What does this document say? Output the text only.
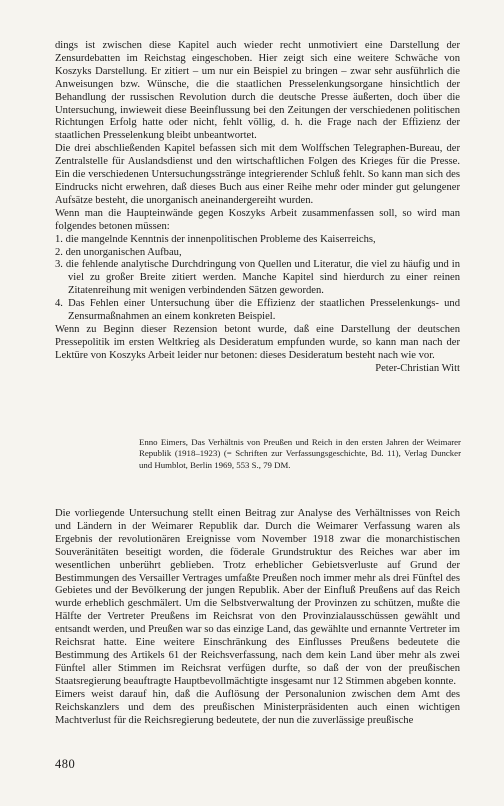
dings ist zwischen diese Kapitel auch wieder recht unmotiviert eine Darstellung der Zensurdebatten im Reichstag eingeschoben. Hier zeigt sich eine weitere Schwäche von Koszyks Darstellung. Er zitiert – um nur ein Beispiel zu bringen – zwar sehr ausführlich die Anweisungen bzw. Wünsche, die die staatlichen Presselenkungsorgane hinsichtlich der Behandlung der russischen Revolution durch die deutsche Presse äußerten, doch über die Untersuchung, inwieweit diese Beeinflussung bei den Zeitungen der verschiedenen politischen Richtungen Erfolg hatte oder nicht, fehlt völlig, d. h. die Frage nach der Effizienz der staatlichen Presselenkung bleibt unbeantwortet.

Die drei abschließenden Kapitel befassen sich mit dem Wolffschen Telegraphen-Bureau, der Zentralstelle für Auslandsdienst und den wirtschaftlichen Folgen des Krieges für die Presse. Ein die verschiedenen Untersuchungsstränge integrierender Schluß fehlt. So kann man sich des Eindrucks nicht erwehren, daß dieses Buch aus einer Reihe mehr oder minder gut gelungener Aufsätze besteht, die unorganisch aneinandergereiht wurden.

Wenn man die Haupteinwände gegen Koszyks Arbeit zusammenfassen soll, so wird man folgendes betonen müssen:

1. die mangelnde Kenntnis der innenpolitischen Probleme des Kaiserreichs,
2. den unorganischen Aufbau,
3. die fehlende analytische Durchdringung von Quellen und Literatur, die viel zu häufig und in viel zu großer Breite zitiert werden. Manche Kapitel sind hierdurch zu einer reinen Zitatenreihung mit wenigen verbindenden Sätzen geworden.
4. Das Fehlen einer Untersuchung über die Effizienz der staatlichen Presselenkungs- und Zensurmaßnahmen an einem konkreten Beispiel.

Wenn zu Beginn dieser Rezension betont wurde, daß eine Darstellung der deutschen Pressepolitik im ersten Weltkrieg als Desideratum empfunden wurde, so kann man nach der Lektüre von Koszyks Arbeit leider nur betonen: dieses Desideratum besteht nach wie vor.
Peter-Christian Witt

Enno Eimers, Das Verhältnis von Preußen und Reich in den ersten Jahren der Weimarer Republik (1918–1923) (= Schriften zur Verfassungsgeschichte, Bd. 11), Verlag Duncker und Humblot, Berlin 1969, 553 S., 79 DM.

Die vorliegende Untersuchung stellt einen Beitrag zur Analyse des Verhältnisses von Reich und Ländern in der Weimarer Republik dar. Durch die Weimarer Verfassung waren als Ergebnis der revolutionären Ereignisse vom November 1918 zwar die monarchistischen Souveränitäten beseitigt worden, die föderale Grundstruktur des Reiches war aber im wesentlichen unberührt geblieben. Trotz erheblicher Gebietsverluste auf Grund der Bestimmungen des Versailler Vertrages umfaßte Preußen noch immer mehr als drei Fünftel des Gebietes und der Bevölkerung der jungen Republik. Aber der Einfluß Preußens auf das Reich wurde erheblich geschmälert. Um die Selbstverwaltung der Provinzen zu schützen, mußte die Hälfte der Vertreter Preußens im Reichsrat von den Provinzialausschüssen gewählt und entsandt werden, und Preußen war so das einzige Land, das gewählte und ernannte Vertreter im Reichsrat hatte. Eine weitere Einschränkung des Einflusses Preußens bedeutete die Bestimmung des Artikels 61 der Reichsverfassung, nach dem kein Land über mehr als zwei Fünftel aller Stimmen im Reichsrat verfügen durfte, so daß der von der preußischen Staatsregierung beauftragte Hauptbevollmächtigte insgesamt nur 12 Stimmen abgeben konnte.

Eimers weist darauf hin, daß die Auflösung der Personalunion zwischen dem Amt des Reichskanzlers und dem des preußischen Ministerpräsidenten auch einen wichtigen Machtverlust für die Reichsregierung bedeutete, der nun die zuverlässige preußische

480
